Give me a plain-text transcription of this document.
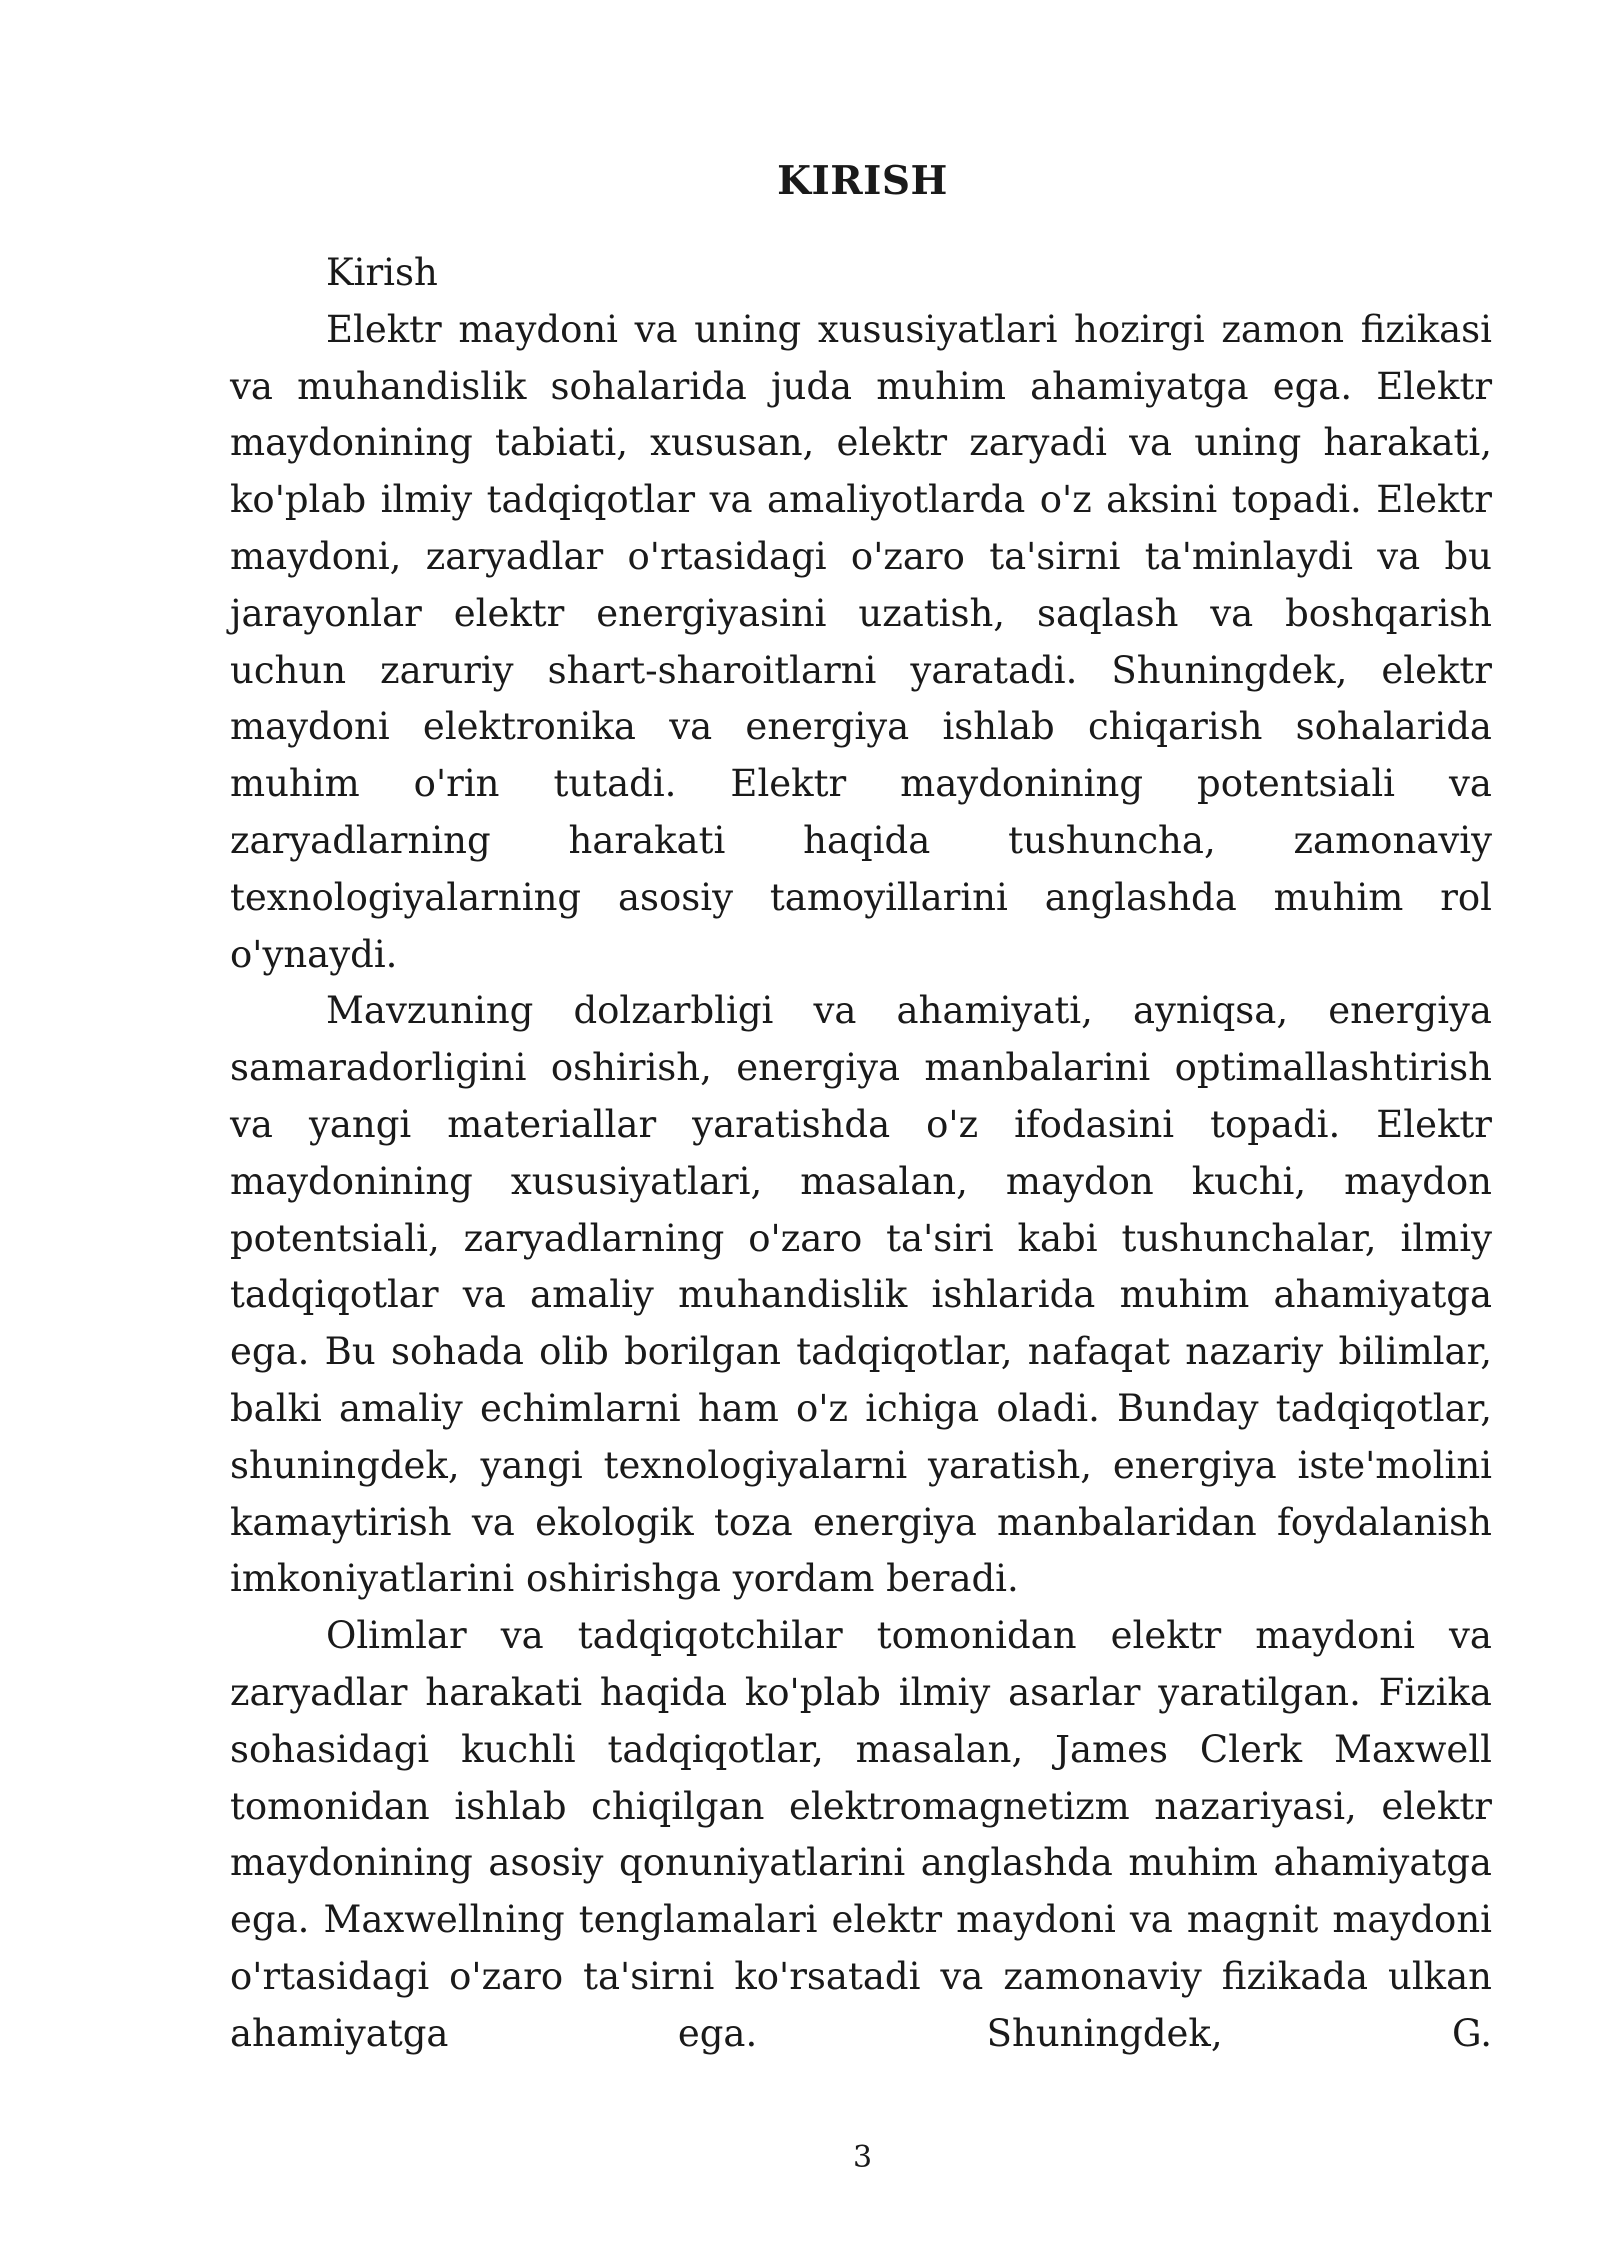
KIRISH

Kirish

Elektr maydoni va uning xususiyatlari hozirgi zamon fizikasi va muhandislik sohalarida juda muhim ahamiyatga ega. Elektr maydonining tabiati, xususan, elektr zaryadi va uning harakati, ko'plab ilmiy tadqiqotlar va amaliyotlarda o'z aksini topadi. Elektr maydoni, zaryadlar o'rtasidagi o'zaro ta'sirni ta'minlaydi va bu jarayonlar elektr energiyasini uzatish, saqlash va boshqarish uchun zaruriy shart-sharoitlarni yaratadi. Shuningdek, elektr maydoni elektronika va energiya ishlab chiqarish sohalarida muhim o'rin tutadi. Elektr maydonining potentsiali va zaryadlarning harakati haqida tushuncha, zamonaviy texnologiyalarning asosiy tamoyillarini anglashda muhim rol o'ynaydi.

Mavzuning dolzarbligi va ahamiyati, ayniqsa, energiya samaradorligini oshirish, energiya manbalarini optimallashtirish va yangi materiallar yaratishda o'z ifodasini topadi. Elektr maydonining xususiyatlari, masalan, maydon kuchi, maydon potentsiali, zaryadlarning o'zaro ta'siri kabi tushunchalar, ilmiy tadqiqotlar va amaliy muhandislik ishlarida muhim ahamiyatga ega. Bu sohada olib borilgan tadqiqotlar, nafaqat nazariy bilimlar, balki amaliy echimlarni ham o'z ichiga oladi. Bunday tadqiqotlar, shuningdek, yangi texnologiyalarni yaratish, energiya iste'molini kamaytirish va ekologik toza energiya manbalaridan foydalanish imkoniyatlarini oshirishga yordam beradi.

Olimlar va tadqiqotchilar tomonidan elektr maydoni va zaryadlar harakati haqida ko'plab ilmiy asarlar yaratilgan. Fizika sohasidagi kuchli tadqiqotlar, masalan, James Clerk Maxwell tomonidan ishlab chiqilgan elektromagnetizm nazariyasi, elektr maydonining asosiy qonuniyatlarini anglashda muhim ahamiyatga ega. Maxwellning tenglamalari elektr maydoni va magnit maydoni o'rtasidagi o'zaro ta'sirni ko'rsatadi va zamonaviy fizikada ulkan ahamiyatga ega. Shuningdek, G.

3
